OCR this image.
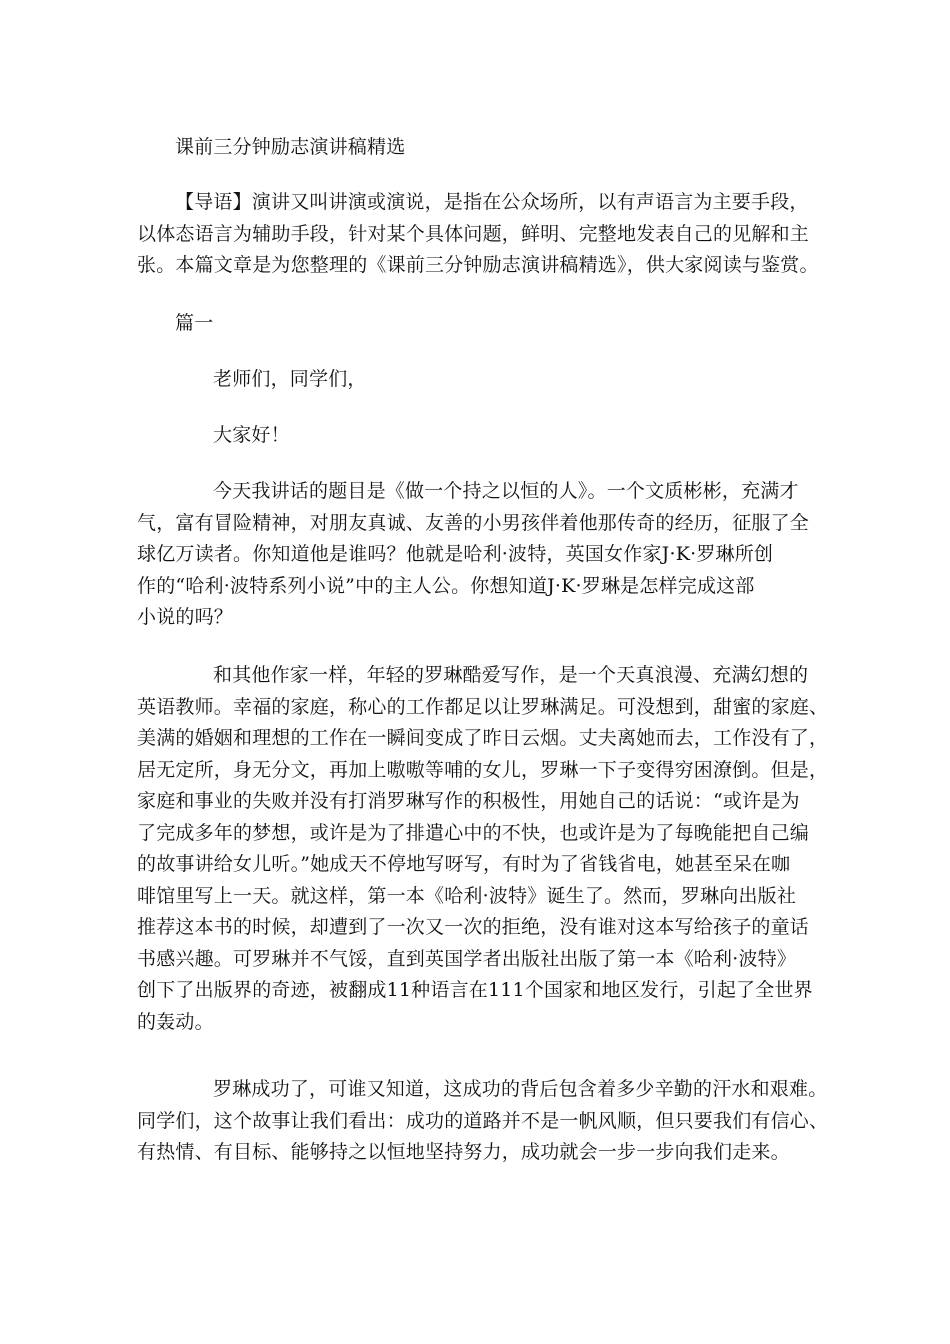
课前三分钟励志演讲稿精选

【导语】演讲又叫讲演或演说，是指在公众场所，以有声语言为主要手段，
以体态语言为辅助手段，针对某个具体问题，鲜明、完整地发表自己的见解和主
张。本篇文章是为您整理的《课前三分钟励志演讲稿精选》，供大家阅读与鉴赏。

篇一

老师们，同学们，

大家好！

今天我讲话的题目是《做一个持之以恒的人》。一个文质彬彬，充满才
气，富有冒险精神，对朋友真诚、友善的小男孩伴着他那传奇的经历，征服了全
球亿万读者。你知道他是谁吗？他就是哈利·波特，英国女作家J·K·罗琳所创
作的“哈利·波特系列小说”中的主人公。你想知道J·K·罗琳是怎样完成这部
小说的吗？

和其他作家一样，年轻的罗琳酷爱写作，是一个天真浪漫、充满幻想的
英语教师。幸福的家庭，称心的工作都足以让罗琳满足。可没想到，甜蜜的家庭、
美满的婚姻和理想的工作在一瞬间变成了昨日云烟。丈夫离她而去，工作没有了，
居无定所，身无分文，再加上嗷嗷等哺的女儿，罗琳一下子变得穷困潦倒。但是，
家庭和事业的失败并没有打消罗琳写作的积极性，用她自己的话说：“或许是为
了完成多年的梦想，或许是为了排遣心中的不快，也或许是为了每晚能把自己编
的故事讲给女儿听。”她成天不停地写呀写，有时为了省钱省电，她甚至呆在咖
啡馆里写上一天。就这样，第一本《哈利·波特》诞生了。然而，罗琳向出版社
推荐这本书的时候，却遭到了一次又一次的拒绝，没有谁对这本写给孩子的童话
书感兴趣。可罗琳并不气馁，直到英国学者出版社出版了第一本《哈利·波特》
创下了出版界的奇迹，被翻成11种语言在111个国家和地区发行，引起了全世界
的轰动。

罗琳成功了，可谁又知道，这成功的背后包含着多少辛勤的汗水和艰难。
同学们，这个故事让我们看出：成功的道路并不是一帆风顺，但只要我们有信心、
有热情、有目标、能够持之以恒地坚持努力，成功就会一步一步向我们走来。
